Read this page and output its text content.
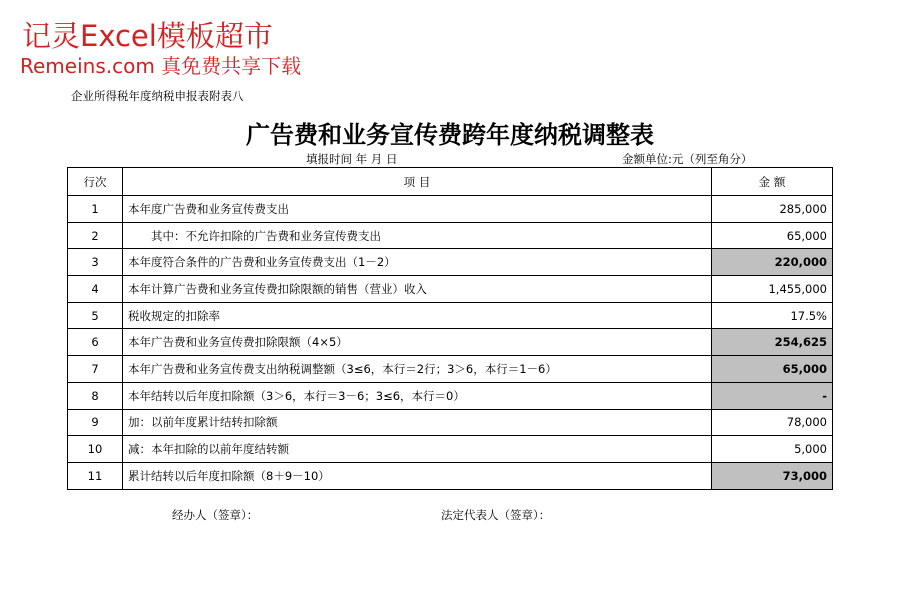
记灵Excel模板超市
Remeins.com 真免费共享下载
企业所得税年度纳税申报表附表八
广告费和业务宣传费跨年度纳税调整表
填报时间 年 月 日	金额单位:元（列至角分）
行次	项 目	金 额
1	本年度广告费和业务宣传费支出	285,000
2	其中：不允许扣除的广告费和业务宣传费支出	65,000
3	本年度符合条件的广告费和业务宣传费支出（1－2）	220,000
4	本年计算广告费和业务宣传费扣除限额的销售（营业）收入	1,455,000
5	税收规定的扣除率	17.5%
6	本年广告费和业务宣传费扣除限额（4×5）	254,625
7	本年广告费和业务宣传费支出纳税调整额（3≤6，本行＝2行；3＞6，本行＝1－6）	65,000
8	本年结转以后年度扣除额（3＞6，本行＝3－6；3≤6，本行＝0）	-
9	加：以前年度累计结转扣除额	78,000
10	减：本年扣除的以前年度结转额	5,000
11	累计结转以后年度扣除额（8＋9－10）	73,000
经办人（签章）：	法定代表人（签章）：
